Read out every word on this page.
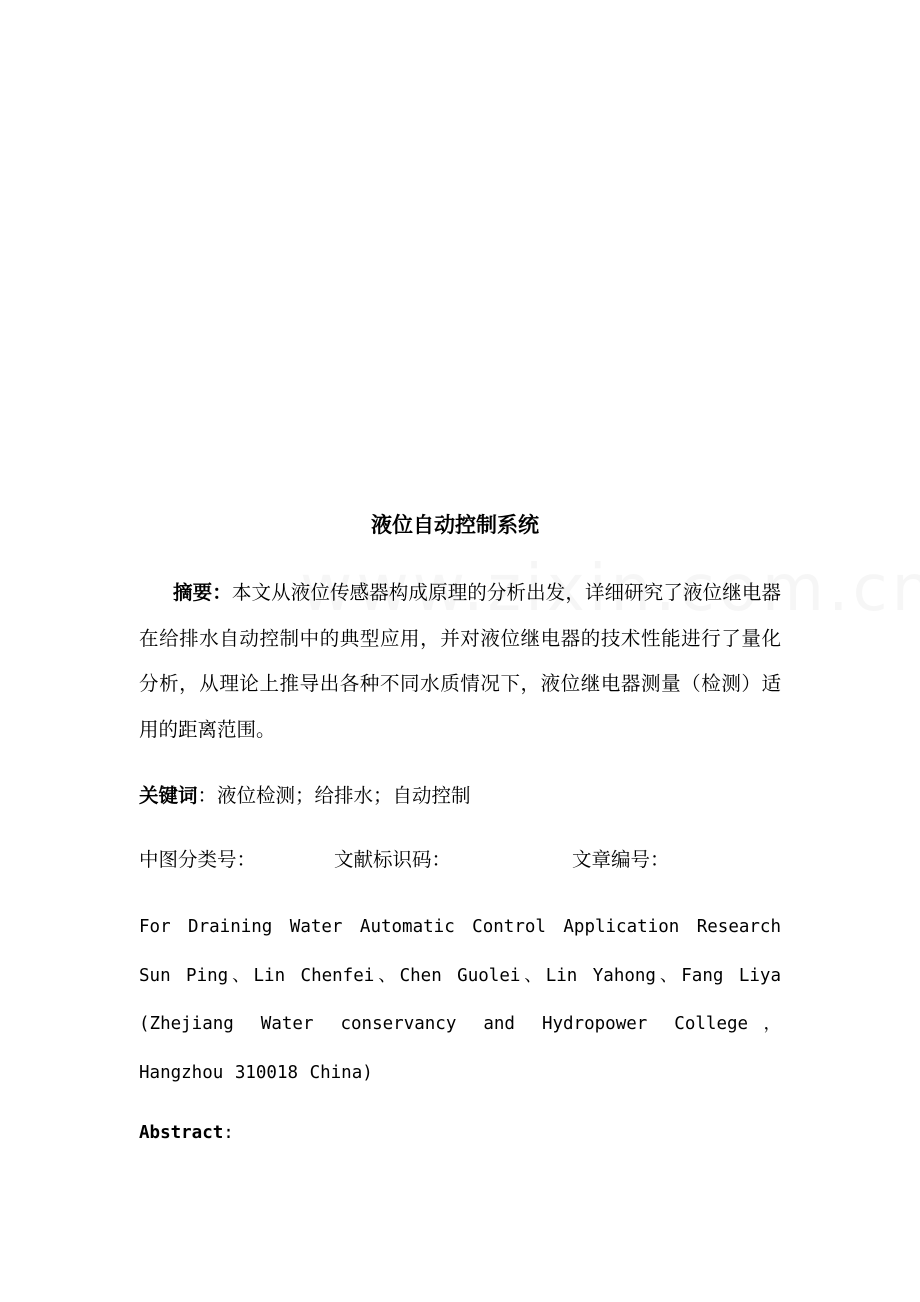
液位自动控制系统

摘要：本文从液位传感器构成原理的分析出发，详细研究了液位继电器在给排水自动控制中的典型应用，并对液位继电器的技术性能进行了量化分析，从理论上推导出各种不同水质情况下，液位继电器测量（检测）适用的距离范围。

关键词：液位检测；给排水；自动控制

中图分类号：	文献标识码：	文章编号：

For Draining Water Automatic Control Application Research Sun Ping、Lin Chenfei、Chen Guolei、Lin Yahong、Fang Liya (Zhejiang Water conservancy and Hydropower College， Hangzhou 310018 China)

Abstract:
